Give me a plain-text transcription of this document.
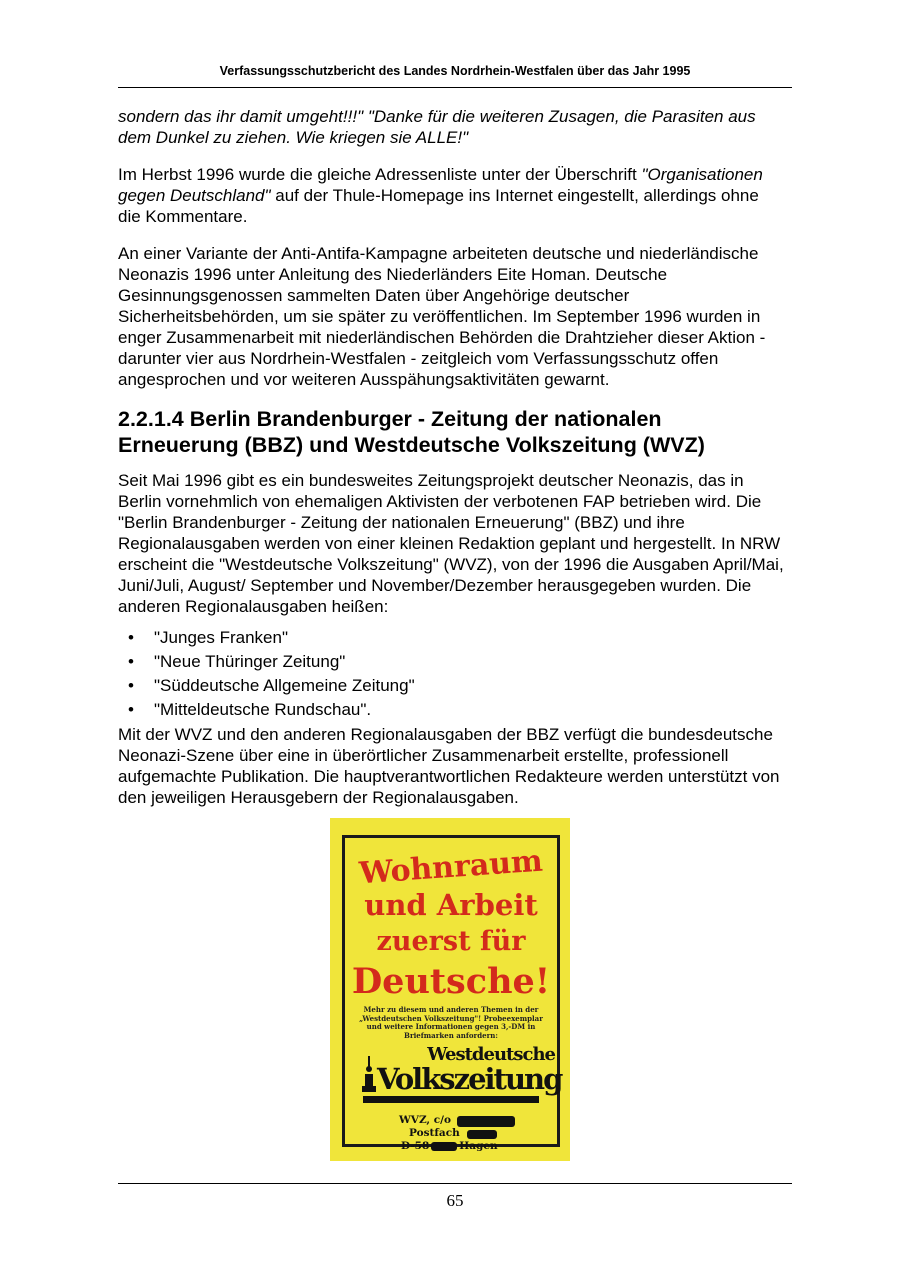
Verfassungsschutzbericht des Landes Nordrhein-Westfalen über das Jahr 1995

sondern das ihr damit umgeht!!!" "Danke für die weiteren Zusagen, die Parasiten aus dem Dunkel zu ziehen. Wie kriegen sie ALLE!"

Im Herbst 1996 wurde die gleiche Adressenliste unter der Überschrift "Organisationen gegen Deutschland" auf der Thule-Homepage ins Internet eingestellt, allerdings ohne die Kommentare.

An einer Variante der Anti-Antifa-Kampagne arbeiteten deutsche und niederländische Neonazis 1996 unter Anleitung des Niederländers Eite Homan. Deutsche Gesinnungsgenossen sammelten Daten über Angehörige deutscher Sicherheitsbehörden, um sie später zu veröffentlichen. Im September 1996 wurden in enger Zusammenarbeit mit niederländischen Behörden die Drahtzieher dieser Aktion - darunter vier aus Nordrhein-Westfalen - zeitgleich vom Verfassungsschutz offen angesprochen und vor weiteren Ausspähungsaktivitäten gewarnt.

2.2.1.4 Berlin Brandenburger - Zeitung der nationalen Erneuerung (BBZ) und Westdeutsche Volkszeitung (WVZ)

Seit Mai 1996 gibt es ein bundesweites Zeitungsprojekt deutscher Neonazis, das in Berlin vornehmlich von ehemaligen Aktivisten der verbotenen FAP betrieben wird. Die "Berlin Brandenburger - Zeitung der nationalen Erneuerung" (BBZ) und ihre Regionalausgaben werden von einer kleinen Redaktion geplant und hergestellt. In NRW erscheint die "Westdeutsche Volkszeitung" (WVZ), von der 1996 die Ausgaben April/Mai, Juni/Juli, August/ September und November/Dezember herausgegeben wurden. Die anderen Regionalausgaben heißen:

• "Junges Franken"
• "Neue Thüringer Zeitung"
• "Süddeutsche Allgemeine Zeitung"
• "Mitteldeutsche Rundschau".

Mit der WVZ und den anderen Regionalausgaben der BBZ verfügt die bundesdeutsche Neonazi-Szene über eine in überörtlicher Zusammenarbeit erstellte, professionell aufgemachte Publikation. Die hauptverantwortlichen Redakteure werden unterstützt von den jeweiligen Herausgebern der Regionalausgaben.

Wohnraum
und Arbeit
zuerst für
Deutsche!
Mehr zu diesem und anderen Themen in der „Westdeutschen Volkszeitung"! Probeexemplar und weitere Informationen gegen 3,-DM in Briefmarken anfordern:
Westdeutsche
Volkszeitung
WVZ, c/o
Postfach
D-58	Hagen
65
